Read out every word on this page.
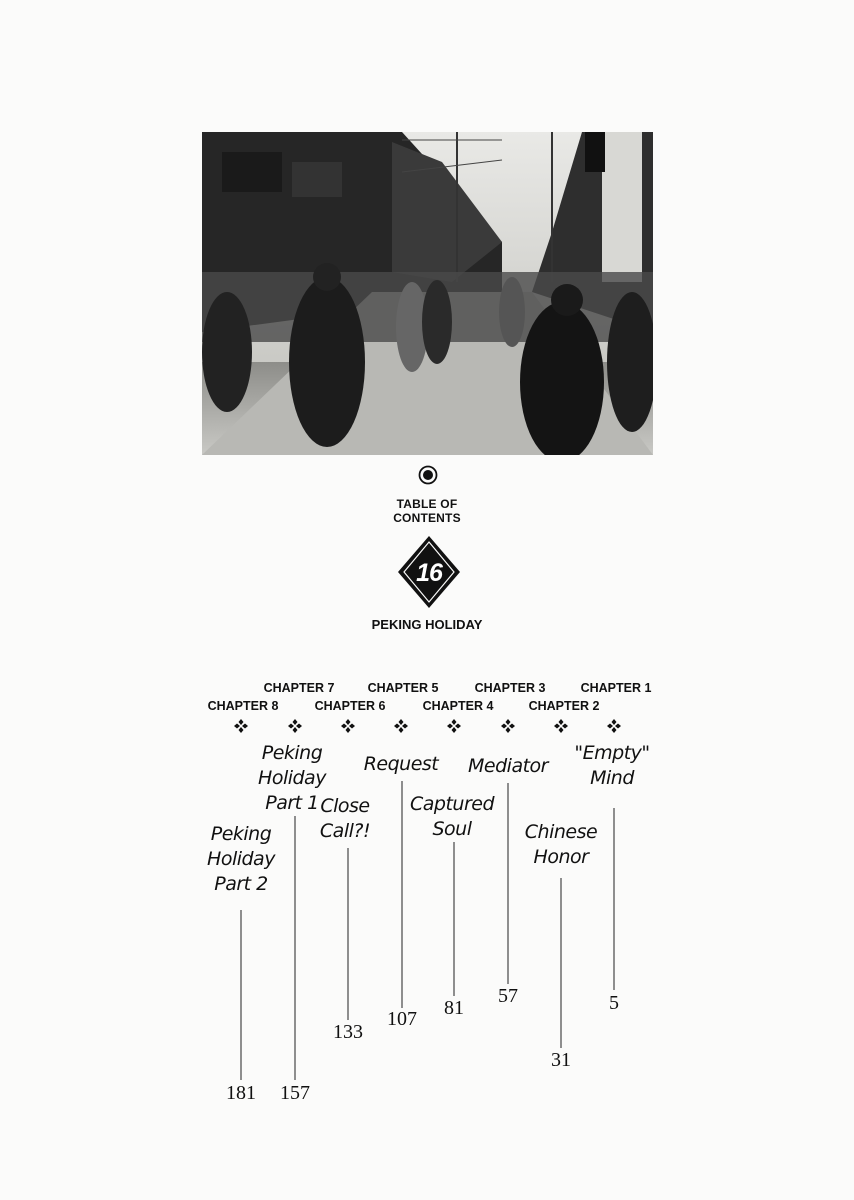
TABLE OF
CONTENTS
16
PEKING HOLIDAY
CHAPTER 1
CHAPTER 2
CHAPTER 3
CHAPTER 4
CHAPTER 5
CHAPTER 6
CHAPTER 7
CHAPTER 8
"Empty"
Mind
Chinese
Honor
Mediator
Captured
Soul
Request
Close
Call?!
Peking
Holiday
Part 1
Peking
Holiday
Part 2
5
31
57
81
107
133
157
181
